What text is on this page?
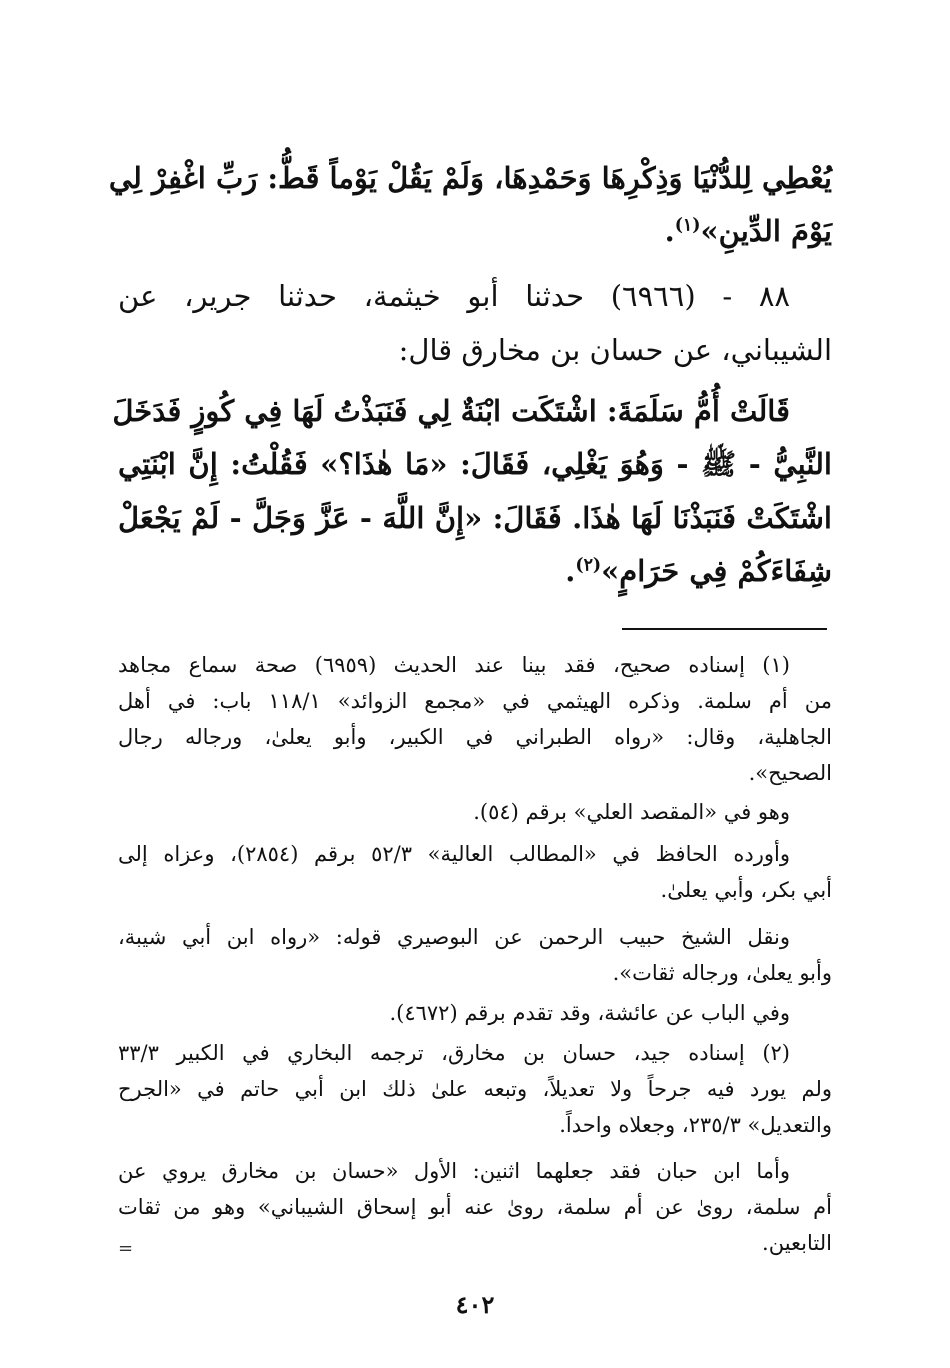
يُعْطِي لِلدُّنْيَا وَذِكْرِهَا وَحَمْدِهَا، وَلَمْ يَقُلْ يَوْماً قَطُّ: رَبِّ اغْفِرْ لِي
يَوْمَ الدِّينِ»$^{(١)}$.
٨٨ - (٦٩٦٦) حدثنا أبو خيثمة، حدثنا جرير، عن
الشيباني، عن حسان بن مخارق قال:
قَالَتْ أُمُّ سَلَمَةَ: اشْتَكَت ابْنَةٌ لِي فَنَبَذْتُ لَهَا فِي كُوزٍ فَدَخَلَ
النَّبِيُّ - ﷺ - وَهُوَ يَغْلِي، فَقَالَ: «مَا هٰذَا؟» فَقُلْتُ: إِنَّ ابْنَتِي
اشْتَكَتْ فَنَبَذْنَا لَهَا هٰذَا. فَقَالَ: «إِنَّ اللَّهَ - عَزَّ وَجَلَّ - لَمْ يَجْعَلْ
شِفَاءَكُمْ فِي حَرَامٍ»$^{(٢)}$.
(١) إسناده صحيح، فقد بينا عند الحديث (٦٩٥٩) صحة سماع مجاهد
من أم سلمة. وذكره الهيثمي في «مجمع الزوائد» ١١٨/١ باب: في أهل
الجاهلية، وقال: «رواه الطبراني في الكبير، وأبو يعلىٰ، ورجاله رجال
الصحيح».
وهو في «المقصد العلي» برقم (٥٤).
وأورده الحافظ في «المطالب العالية» ٥٢/٣ برقم (٢٨٥٤)، وعزاه إلى
أبي بكر، وأبي يعلىٰ.
ونقل الشيخ حبيب الرحمن عن البوصيري قوله: «رواه ابن أبي شيبة،
وأبو يعلىٰ، ورجاله ثقات».
وفي الباب عن عائشة، وقد تقدم برقم (٤٦٧٢).
(٢) إسناده جيد، حسان بن مخارق، ترجمه البخاري في الكبير ٣٣/٣
ولم يورد فيه جرحاً ولا تعديلاً، وتبعه علىٰ ذلك ابن أبي حاتم في «الجرح
والتعديل» ٢٣٥/٣، وجعلاه واحداً.
وأما ابن حبان فقد جعلهما اثنين: الأول «حسان بن مخارق يروي عن
أم سلمة، روىٰ عن أم سلمة، روىٰ عنه أبو إسحاق الشيباني» وهو من ثقات
التابعين.
=
٤٠٢
